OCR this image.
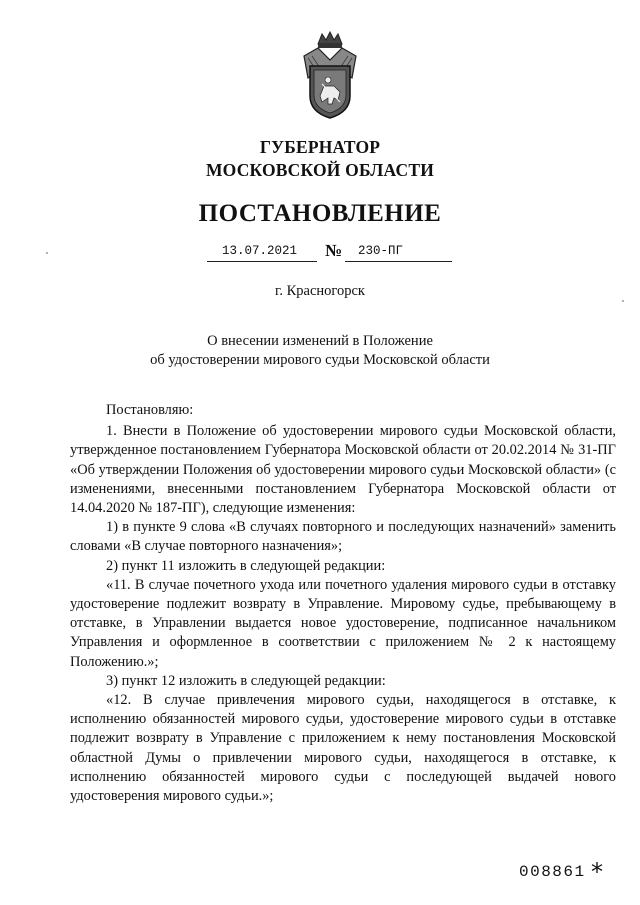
ГУБЕРНАТОР
МОСКОВСКОЙ ОБЛАСТИ
ПОСТАНОВЛЕНИЕ
13.07.2021 № 230-ПГ
г. Красногорск
О внесении изменений в Положение
об удостоверении мирового судьи Московской области

Постановляю:

1. Внести в Положение об удостоверении мирового судьи Московской области, утвержденное постановлением Губернатора Московской области от 20.02.2014 № 31-ПГ «Об утверждении Положения об удостоверении мирового судьи Московской области» (с изменениями, внесенными постановлением Губернатора Московской области от 14.04.2020 № 187-ПГ), следующие изменения:

1) в пункте 9 слова «В случаях повторного и последующих назначений» заменить словами «В случае повторного назначения»;

2) пункт 11 изложить в следующей редакции:

«11. В случае почетного ухода или почетного удаления мирового судьи в отставку удостоверение подлежит возврату в Управление. Мировому судье, пребывающему в отставке, в Управлении выдается новое удостоверение, подписанное начальником Управления и оформленное в соответствии с приложением № 2 к настоящему Положению.»;

3) пункт 12 изложить в следующей редакции:

«12. В случае привлечения мирового судьи, находящегося в отставке, к исполнению обязанностей мирового судьи, удостоверение мирового судьи в отставке подлежит возврату в Управление с приложением к нему постановления Московской областной Думы о привлечении мирового судьи, находящегося в отставке, к исполнению обязанностей мирового судьи с последующей выдачей нового удостоверения мирового судьи.»;

008861 *
